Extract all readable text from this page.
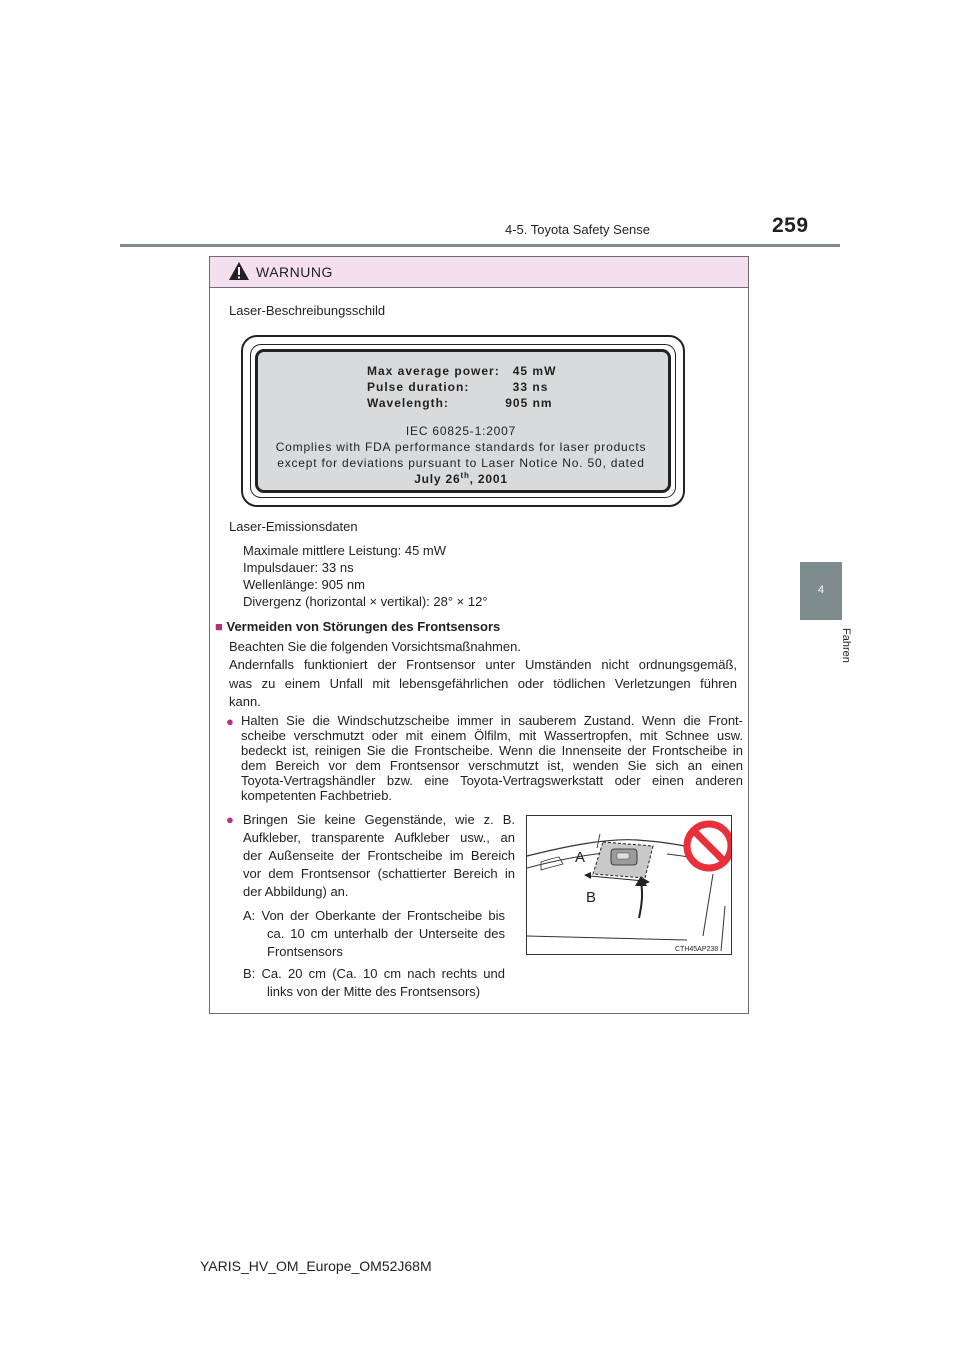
4-5. Toyota Safety Sense	259
4
Fahren
WARNUNG
Laser-Beschreibungsschild
Max average power:   45 mW
Pulse duration:          33 ns
Wavelength:             905 nm
IEC 60825-1:2007
Complies with FDA performance standards for laser products
except for deviations pursuant to Laser Notice No. 50, dated
July 26th, 2001
Laser-Emissionsdaten
Maximale mittlere Leistung: 45 mW
Impulsdauer: 33 ns
Wellenlänge: 905 nm
Divergenz (horizontal × vertikal): 28° × 12°
■ Vermeiden von Störungen des Frontsensors
Beachten Sie die folgenden Vorsichtsmaßnahmen.
Andernfalls funktioniert der Frontsensor unter Umständen nicht ordnungsgemäß,
was zu einem Unfall mit lebensgefährlichen oder tödlichen Verletzungen führen
kann.
● Halten Sie die Windschutzscheibe immer in sauberem Zustand. Wenn die Front-
scheibe verschmutzt oder mit einem Ölfilm, mit Wassertropfen, mit Schnee usw.
bedeckt ist, reinigen Sie die Frontscheibe. Wenn die Innenseite der Frontscheibe in
dem Bereich vor dem Frontsensor verschmutzt ist, wenden Sie sich an einen
Toyota-Vertragshändler bzw. eine Toyota-Vertragswerkstatt oder einen anderen
kompetenten Fachbetrieb.
● Bringen Sie keine Gegenstände, wie z. B.
Aufkleber, transparente Aufkleber usw., an
der Außenseite der Frontscheibe im Bereich
vor dem Frontsensor (schattierter Bereich in
der Abbildung) an.
A: Von der Oberkante der Frontscheibe bis
ca. 10 cm unterhalb der Unterseite des
Frontsensors
B: Ca. 20 cm (Ca. 10 cm nach rechts und
links von der Mitte des Frontsensors)
A
B
CTH45AP238
YARIS_HV_OM_Europe_OM52J68M
